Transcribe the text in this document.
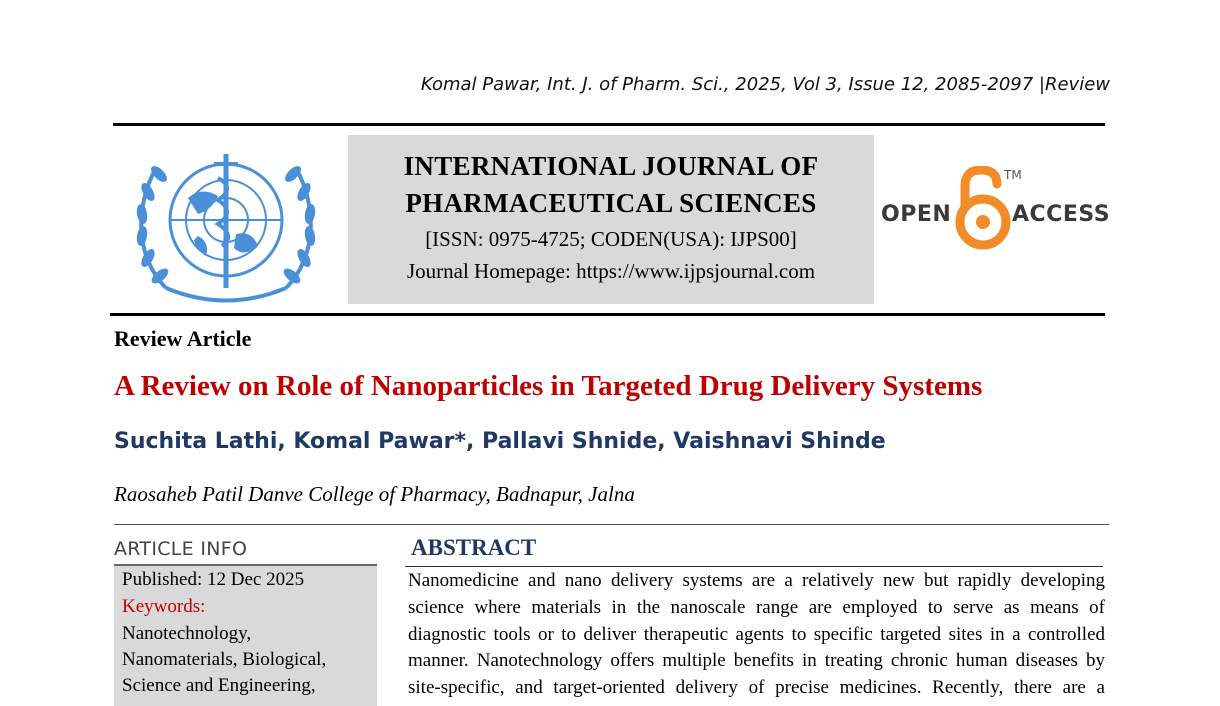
Komal Pawar, Int. J. of Pharm. Sci., 2025, Vol 3, Issue 12, 2085-2097 |Review
INTERNATIONAL JOURNAL OF
PHARMACEUTICAL SCIENCES
[ISSN: 0975-4725; CODEN(USA): IJPS00]
Journal Homepage: https://www.ijpsjournal.com
OPEN
TM
ACCESS
Review Article
A Review on Role of Nanoparticles in Targeted Drug Delivery Systems
Suchita Lathi, Komal Pawar*, Pallavi Shnide, Vaishnavi Shinde
Raosaheb Patil Danve College of Pharmacy, Badnapur, Jalna
ARTICLE INFO
Published: 12 Dec 2025
Keywords:
Nanotechnology,
Nanomaterials, Biological,
Science and Engineering,
ABSTRACT
Nanomedicine and nano delivery systems are a relatively new but rapidly developing
science where materials in the nanoscale range are employed to serve as means of
diagnostic tools or to deliver therapeutic agents to specific targeted sites in a controlled
manner. Nanotechnology offers multiple benefits in treating chronic human diseases by
site-specific, and target-oriented delivery of precise medicines. Recently, there are a
